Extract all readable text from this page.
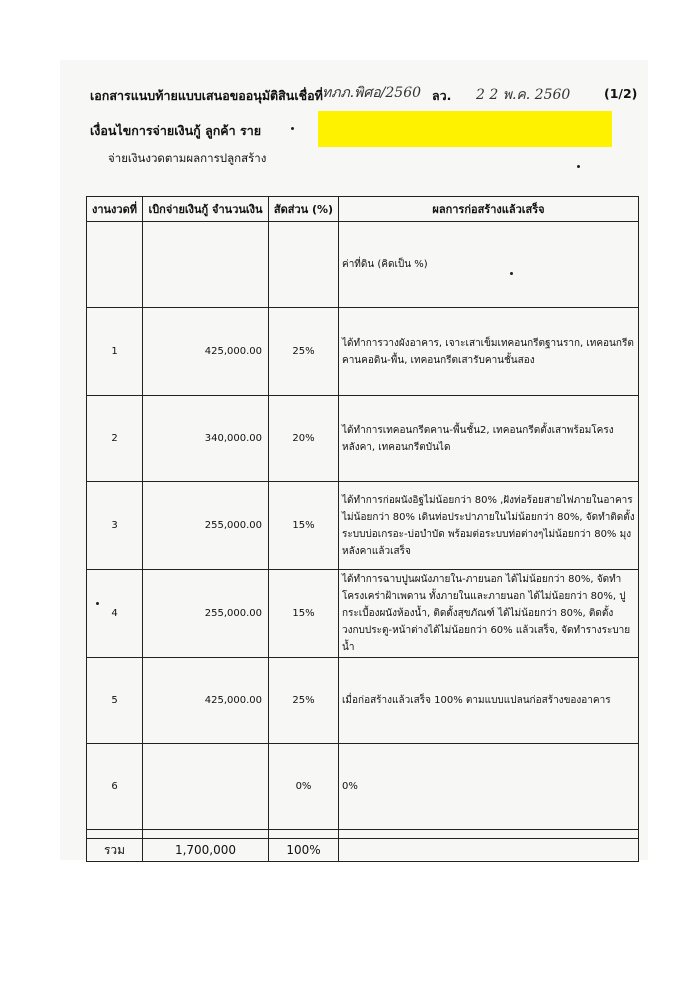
เอกสารแนบท้ายแบบเสนอขออนุมัติสินเชื่อที่ ทภภ.พิศอ/2560 ลว. 2 2 พ.ค. 2560	(1/2)
เงื่อนไขการจ่ายเงินกู้ ลูกค้า ราย
จ่ายเงินงวดตามผลการปลูกสร้าง
งานงวดที่	เบิกจ่ายเงินกู้ จำนวนเงิน	สัดส่วน (%)	ผลการก่อสร้างแล้วเสร็จ
			ค่าที่ดิน (คิดเป็น %)
1	425,000.00	25%	ได้ทำการวางผังอาคาร, เจาะเสาเข็มเทคอนกรีตฐานราก, เทคอนกรีตคานคอดิน-พื้น, เทคอนกรีตเสารับคานชั้นสอง
2	340,000.00	20%	ได้ทำการเทคอนกรีตคาน-พื้นชั้น2, เทคอนกรีตตั้งเสาพร้อมโครงหลังคา, เทคอนกรีตบันได
3	255,000.00	15%	ได้ทำการก่อผนังอิฐไม่น้อยกว่า 80% ,ฝังท่อร้อยสายไฟภายในอาคารไม่น้อยกว่า 80% เดินท่อประปาภายในไม่น้อยกว่า 80%, จัดทำติดตั้งระบบบ่อเกรอะ-บ่อบำบัด พร้อมต่อระบบท่อต่างๆไม่น้อยกว่า 80% มุงหลังคาแล้วเสร็จ
4	255,000.00	15%	ได้ทำการฉาบปูนผนังภายใน-ภายนอก ได้ไม่น้อยกว่า 80%, จัดทำโครงเคร่าฝ้าเพดาน ทั้งภายในและภายนอก ได้ไม่น้อยกว่า 80%, ปูกระเบื้องผนังห้องน้ำ, ติดตั้งสุขภัณฑ์ ได้ไม่น้อยกว่า 80%, ติดตั้งวงกบประตู-หน้าต่างได้ไม่น้อยกว่า 60% แล้วเสร็จ, จัดทำรางระบายน้ำ
5	425,000.00	25%	เมื่อก่อสร้างแล้วเสร็จ 100% ตามแบบแปลนก่อสร้างของอาคาร
6		0%	0%

รวม	1,700,000	100%	
